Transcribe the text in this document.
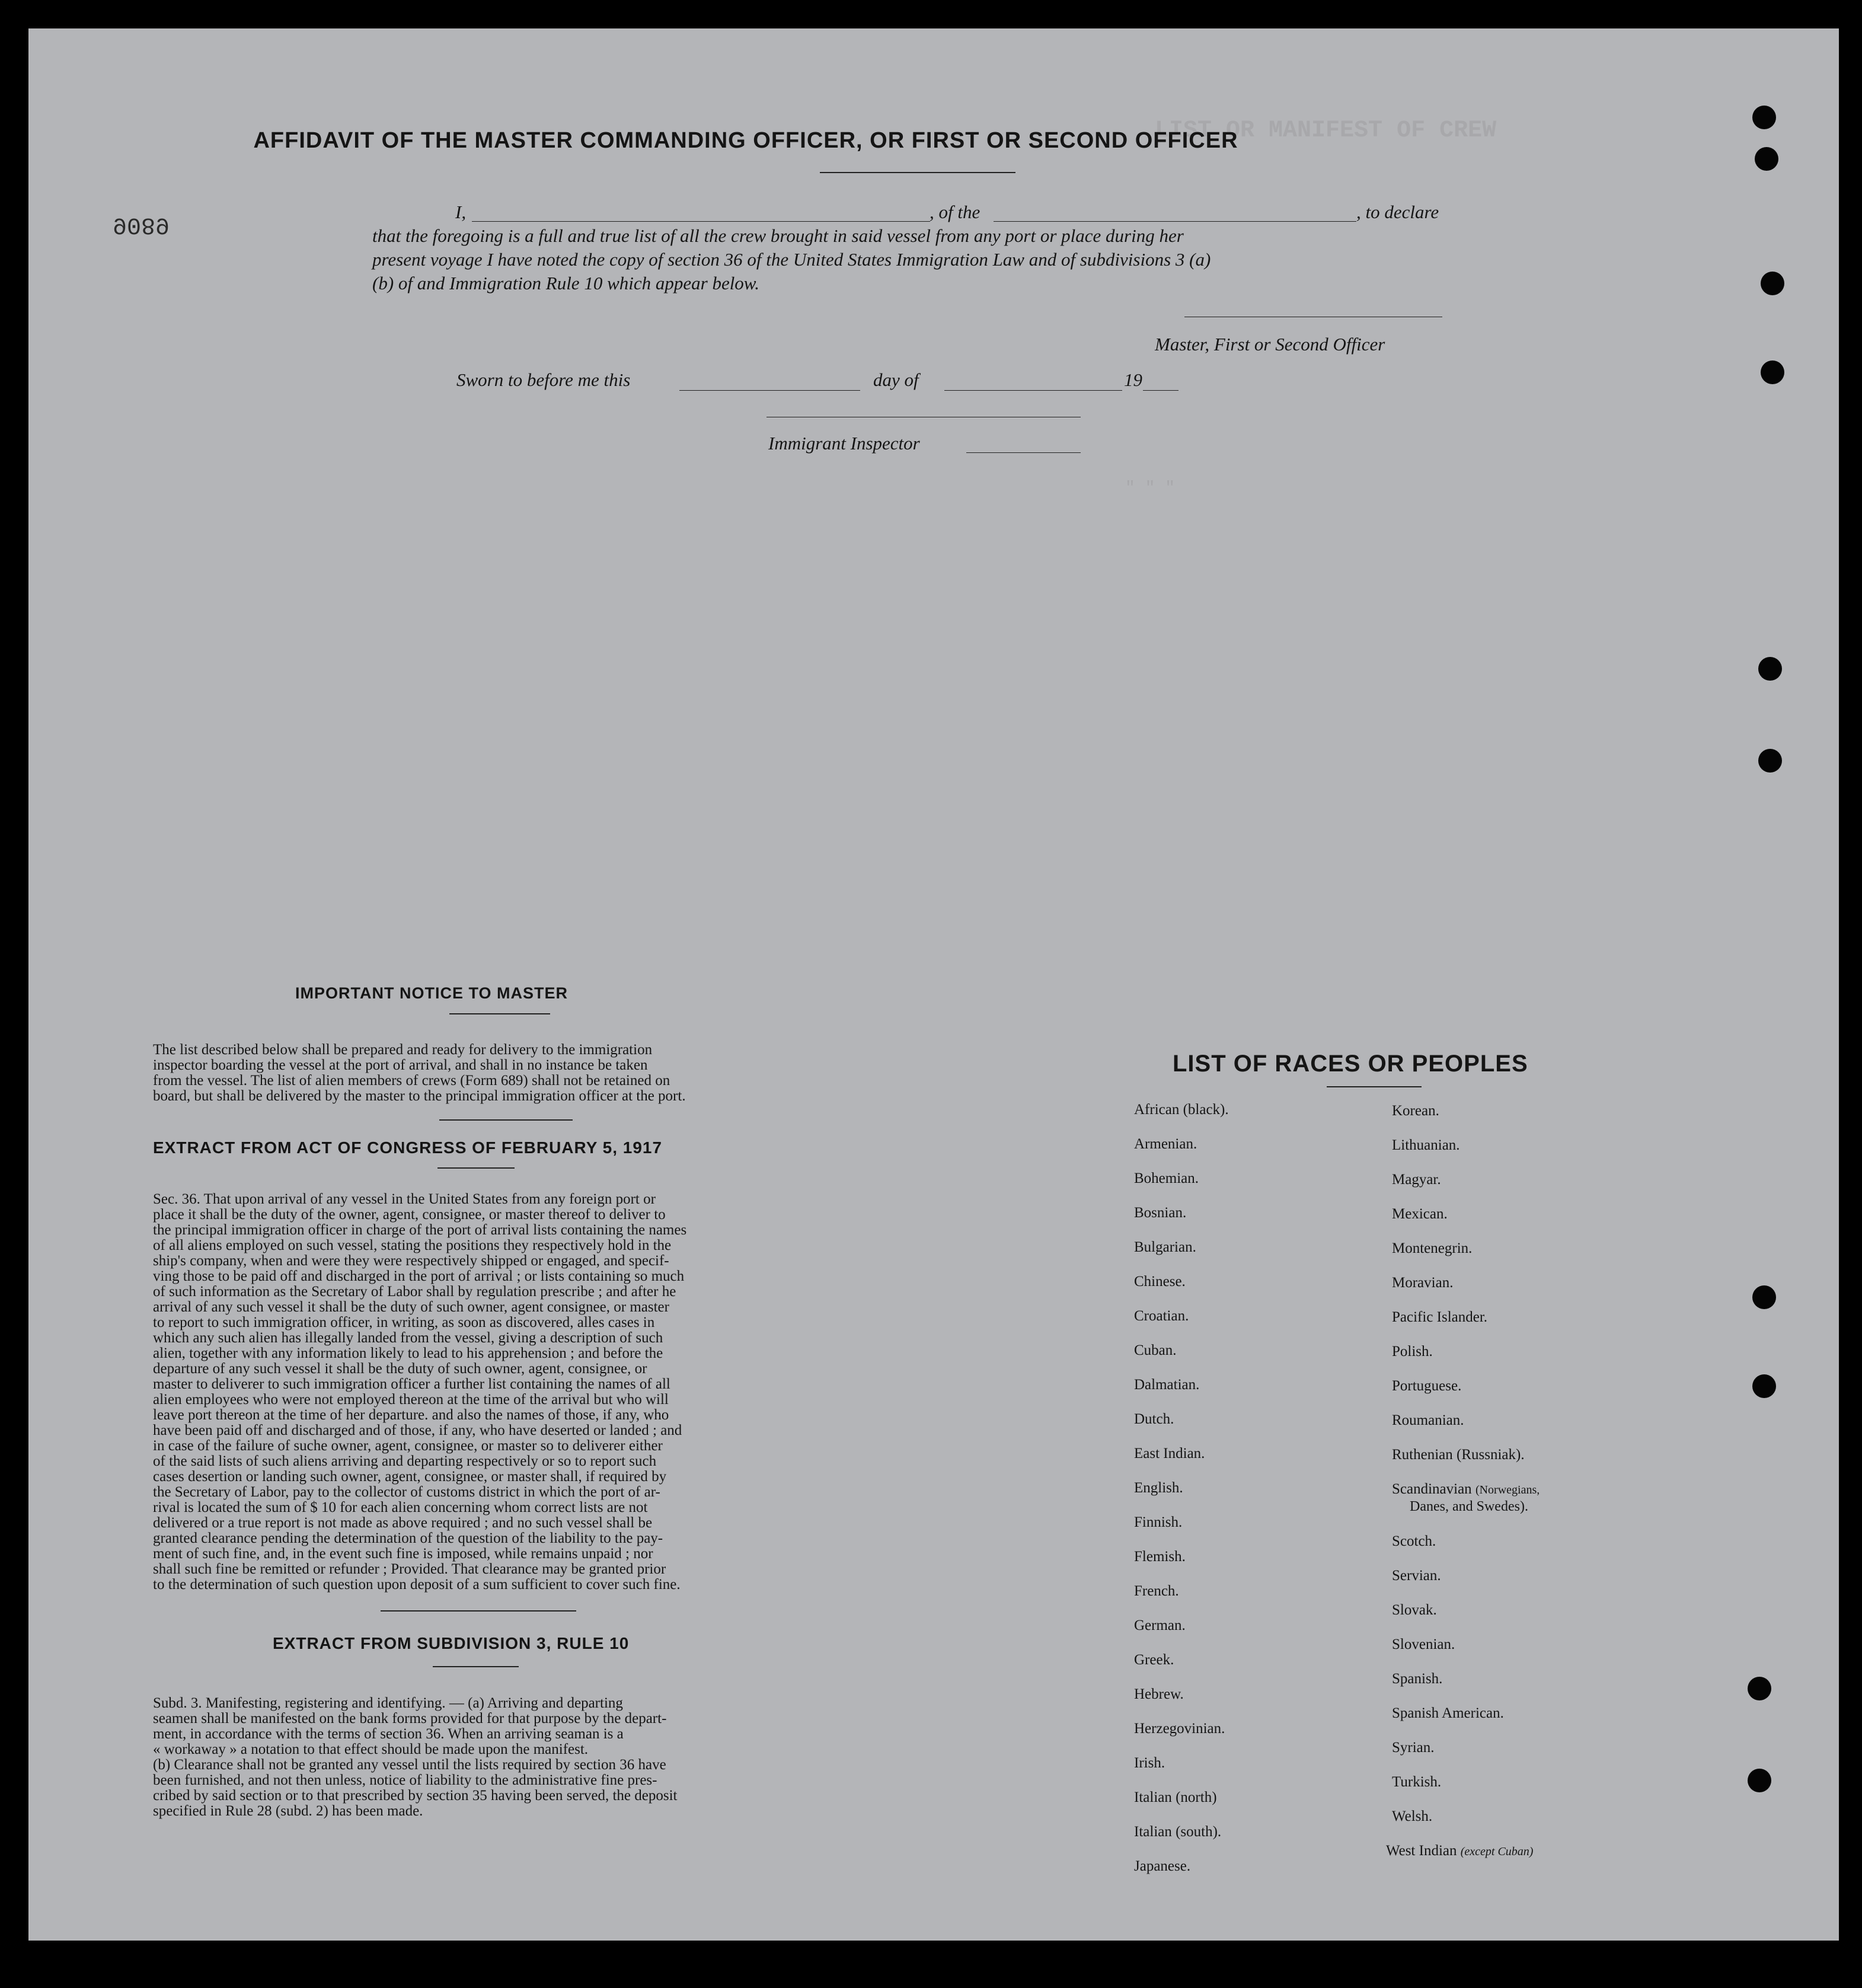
LIST OR MANIFEST OF CREW
" " "
AFFIDAVIT OF THE MASTER COMMANDING OFFICER, OR FIRST OR SECOND OFFICER
9089	I,	, of the	, to declare
that the foregoing is a full and true list of all the crew brought in said vessel from any port or place during her
present voyage I have noted the copy of section 36 of the United States Immigration Law and of subdivisions 3 (a)
(b) of and Immigration Rule 10 which appear below.
Master, First or Second Officer
Sworn to before me this	day of	19
Immigrant Inspector
IMPORTANT NOTICE TO MASTER
The list described below shall be prepared and ready for delivery to the immigration
inspector boarding the vessel at the port of arrival, and shall in no instance be taken
from the vessel. The list of alien members of crews (Form 689) shall not be retained on
board, but shall be delivered by the master to the principal immigration officer at the port.
EXTRACT FROM ACT OF CONGRESS OF FEBRUARY 5, 1917
Sec. 36. That upon arrival of any vessel in the United States from any foreign port or
place it shall be the duty of the owner, agent, consignee, or master thereof to deliver to
the principal immigration officer in charge of the port of arrival lists containing the names
of all aliens employed on such vessel, stating the positions they respectively hold in the
ship's company, when and were they were respectively shipped or engaged, and specif-
ving those to be paid off and discharged in the port of arrival ; or lists containing so much
of such information as the Secretary of Labor shall by regulation prescribe ; and after he
arrival of any such vessel it shall be the duty of such owner, agent consignee, or master
to report to such immigration officer, in writing, as soon as discovered, alles cases in
which any such alien has illegally landed from the vessel, giving a description of such
alien, together with any information likely to lead to his apprehension ; and before the
departure of any such vessel it shall be the duty of such owner, agent, consignee, or
master to deliverer to such immigration officer a further list containing the names of all
alien employees who were not employed thereon at the time of the arrival but who will
leave port thereon at the time of her departure. and also the names of those, if any, who
have been paid off and discharged and of those, if any, who have deserted or landed ; and
in case of the failure of suche owner, agent, consignee, or master so to deliverer either
of the said lists of such aliens arriving and departing respectively or so to report such
cases desertion or landing such owner, agent, consignee, or master shall, if required by
the Secretary of Labor, pay to the collector of customs district in which the port of ar-
rival is located the sum of $ 10 for each alien concerning whom correct lists are not
delivered or a true report is not made as above required ; and no such vessel shall be
granted clearance pending the determination of the question of the liability to the pay-
ment of such fine, and, in the event such fine is imposed, while remains unpaid ; nor
shall such fine be remitted or refunder ; Provided. That clearance may be granted prior
to the determination of such question upon deposit of a sum sufficient to cover such fine.
EXTRACT FROM SUBDIVISION 3, RULE 10
Subd. 3. Manifesting, registering and identifying. — (a) Arriving and departing
seamen shall be manifested on the bank forms provided for that purpose by the depart-
ment, in accordance with the terms of section 36. When an arriving seaman is a
« workaway » a notation to that effect should be made upon the manifest.
(b) Clearance shall not be granted any vessel until the lists required by section 36 have
been furnished, and not then unless, notice of liability to the administrative fine pres-
cribed by said section or to that prescribed by section 35 having been served, the deposit
specified in Rule 28 (subd. 2) has been made.
LIST OF RACES OR PEOPLES
African (black).
Armenian.
Bohemian.
Bosnian.
Bulgarian.
Chinese.
Croatian.
Cuban.
Dalmatian.
Dutch.
East Indian.
English.
Finnish.
Flemish.
French.
German.
Greek.
Hebrew.
Herzegovinian.
Irish.
Italian (north)
Italian (south).
Japanese.
Korean.
Lithuanian.
Magyar.
Mexican.
Montenegrin.
Moravian.
Pacific Islander.
Polish.
Portuguese.
Roumanian.
Ruthenian (Russniak).
Scandinavian (Norwegians,
Danes, and Swedes).
Scotch.
Servian.
Slovak.
Slovenian.
Spanish.
Spanish American.
Syrian.
Turkish.
Welsh.
West Indian (except Cuban)
